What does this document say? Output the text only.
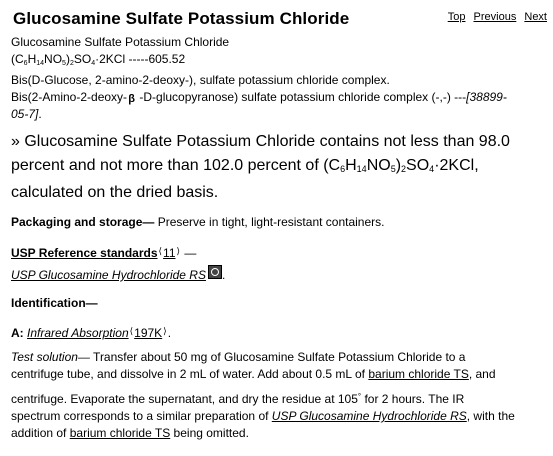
Glucosamine Sulfate Potassium Chloride	Top Previous Next
Glucosamine Sulfate Potassium Chloride
$(C_6H_{14}NO_5)_2SO_4\cdot 2KCl$ -----605.52
Bis(D-Glucose, 2-amino-2-deoxy-), sulfate potassium chloride complex.
Bis(2-Amino-2-deoxy-β -D-glucopyranose) sulfate potassium chloride complex (-,-) ---[38899-
05-7].
» Glucosamine Sulfate Potassium Chloride contains not less than 98.0
percent and not more than 102.0 percent of $(C_6H_{14}NO_5)_2SO_4\cdot 2KCl$,
calculated on the dried basis.
Packaging and storage— Preserve in tight, light-resistant containers.
USP Reference standards⟨11⟩ —
USP Glucosamine Hydrochloride RS .
Identification—
A: Infrared Absorption⟨197K⟩.
Test solution— Transfer about 50 mg of Glucosamine Sulfate Potassium Chloride to a
centrifuge tube, and dissolve in 2 mL of water. Add about 0.5 mL of barium chloride TS, and
centrifuge. Evaporate the supernatant, and dry the residue at 105° for 2 hours. The IR
spectrum corresponds to a similar preparation of USP Glucosamine Hydrochloride RS, with the
addition of barium chloride TS being omitted.
